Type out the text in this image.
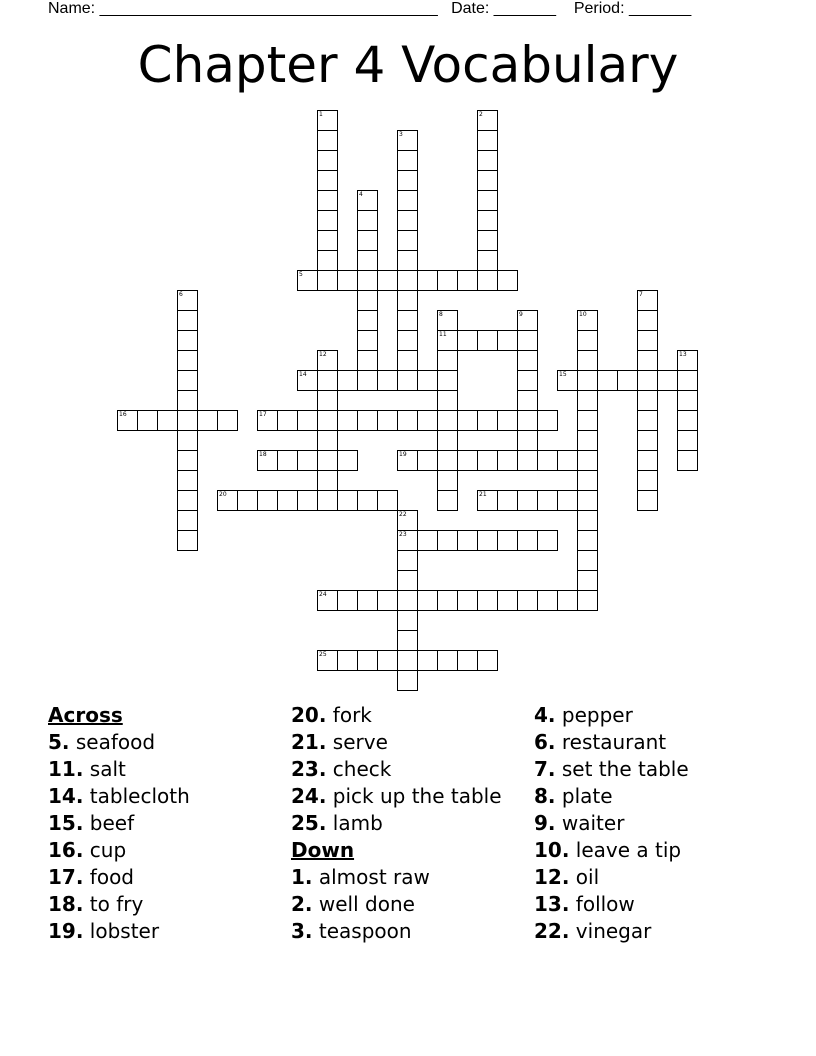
Name: ______________________________________ Date: _______ Period: _______
Chapter 4 Vocabulary
1	2
3
4
5
6	7
8
11
9	10
12	13
14	15
16	17
18	19
20	21
22
23
24
25
Across
5. seafood
11. salt
14. tablecloth
15. beef
16. cup
17. food
18. to fry
19. lobster
20. fork
21. serve
23. check
24. pick up the table
25. lamb
Down
1. almost raw
2. well done
3. teaspoon
4. pepper
6. restaurant
7. set the table
8. plate
9. waiter
10. leave a tip
12. oil
13. follow
22. vinegar
